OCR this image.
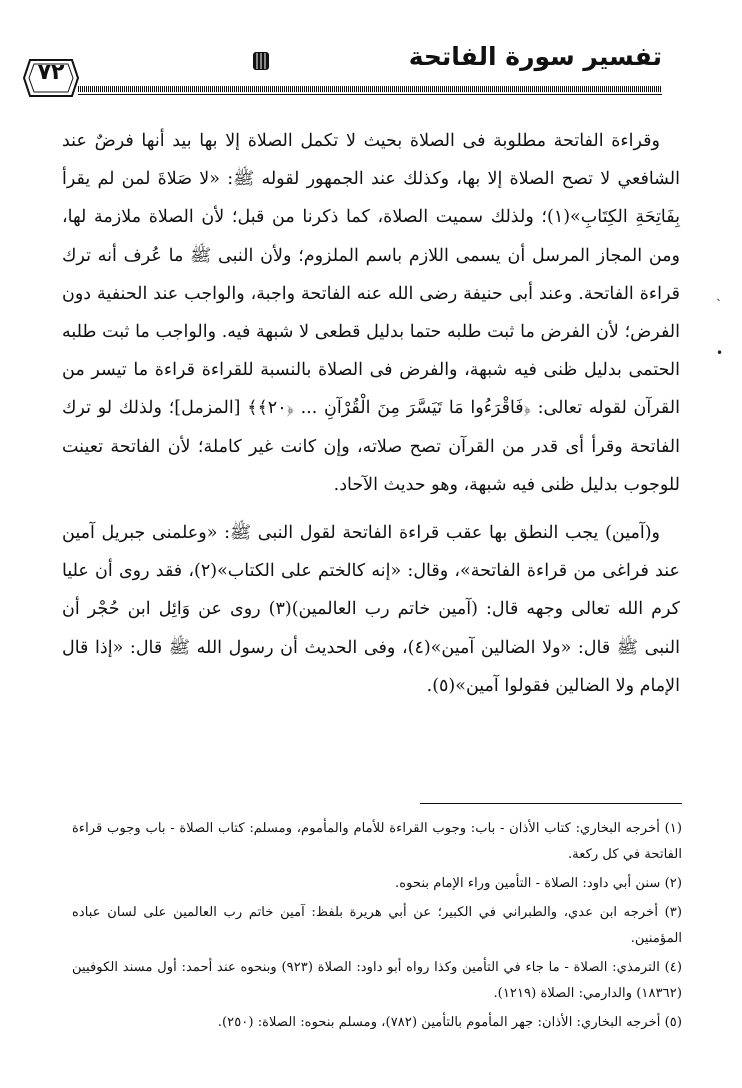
تفسير سورة الفاتحة
٧٢
ˎ
•

وقراءة الفاتحة مطلوبة فى الصلاة بحيث لا تكمل الصلاة إلا بها بيد أنها فرضٌ عند الشافعي لا تصح الصلاة إلا بها، وكذلك عند الجمهور لقوله ﷺ: «لا صَلاةَ لمن لم يقرأ بِفَاتِحَةِ الكِتَابِ»(١)؛ ولذلك سميت الصلاة، كما ذكرنا من قبل؛ لأن الصلاة ملازمة لها، ومن المجاز المرسل أن يسمى اللازم باسم الملزوم؛ ولأن النبى ﷺ ما عُرف أنه ترك قراءة الفاتحة. وعند أبى حنيفة رضى الله عنه الفاتحة واجبة، والواجب عند الحنفية دون الفرض؛ لأن الفرض ما ثبت طلبه حتما بدليل قطعى لا شبهة فيه. والواجب ما ثبت طلبه الحتمى بدليل ظنى فيه شبهة، والفرض فى الصلاة بالنسبة للقراءة قراءة ما تيسر من القرآن لقوله تعالى: ﴿فَاقْرَءُوا مَا تَيَسَّرَ مِنَ الْقُرْآنِ ... ﴿٢٠﴾﴾ [المزمل]؛ ولذلك لو ترك الفاتحة وقرأ أى قدر من القرآن تصح صلاته، وإن كانت غير كاملة؛ لأن الفاتحة تعينت للوجوب بدليل ظنى فيه شبهة، وهو حديث الآحاد.

و(آمين) يجب النطق بها عقب قراءة الفاتحة لقول النبى ﷺ: «وعلمنى جبريل آمين عند فراغى من قراءة الفاتحة»، وقال: «إنه كالختم على الكتاب»(٢)، فقد روى أن عليا كرم الله تعالى وجهه قال: (آمين خاتم رب العالمين)(٣) روى عن وَائِل ابن حُجْر أن النبى ﷺ قال: «ولا الضالين آمين»(٤)، وفى الحديث أن رسول الله ﷺ قال: «إذا قال الإمام ولا الضالين فقولوا آمين»(٥).

(١) أخرجه البخاري: كتاب الأذان - باب: وجوب القراءة للأمام والمأموم، ومسلم: كتاب الصلاة - باب وجوب قراءة الفاتحة في كل ركعة.

(٢) سنن أبي داود: الصلاة - التأمين وراء الإمام بنحوه.

(٣) أخرجه ابن عدي، والطبراني في الكبير؛ عن أبي هريرة بلفظ: آمين خاتم رب العالمين على لسان عباده المؤمنين.

(٤) الترمذي: الصلاة - ما جاء في التأمين وكذا رواه أبو داود: الصلاة (٩٢٣) وبنحوه عند أحمد: أول مسند الكوفيين (١٨٣٦٢) والدارمي: الصلاة (١٢١٩).

(٥) أخرجه البخاري: الأذان: جهر المأموم بالتأمين (٧٨٢)، ومسلم بنحوه: الصلاة: (٢٥٠).
